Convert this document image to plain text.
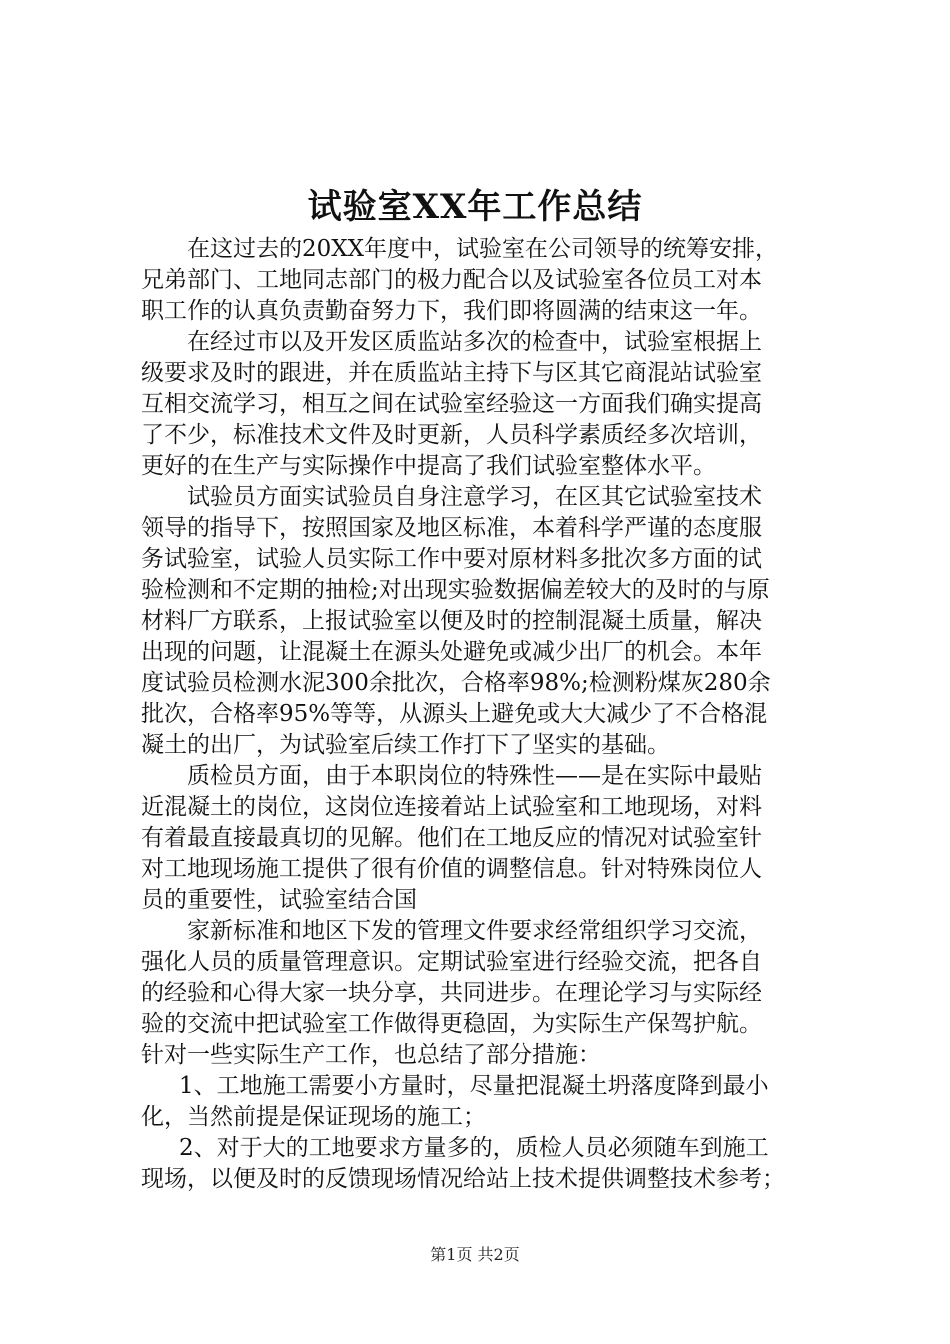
试验室XX年工作总结
在这过去的20XX年度中，试验室在公司领导的统筹安排，
兄弟部门、工地同志部门的极力配合以及试验室各位员工对本
职工作的认真负责勤奋努力下，我们即将圆满的结束这一年。
在经过市以及开发区质监站多次的检查中，试验室根据上
级要求及时的跟进，并在质监站主持下与区其它商混站试验室
互相交流学习，相互之间在试验室经验这一方面我们确实提高
了不少，标准技术文件及时更新，人员科学素质经多次培训，
更好的在生产与实际操作中提高了我们试验室整体水平。
试验员方面实试验员自身注意学习，在区其它试验室技术
领导的指导下，按照国家及地区标准，本着科学严谨的态度服
务试验室，试验人员实际工作中要对原材料多批次多方面的试
验检测和不定期的抽检;对出现实验数据偏差较大的及时的与原
材料厂方联系，上报试验室以便及时的控制混凝土质量，解决
出现的问题，让混凝土在源头处避免或减少出厂的机会。本年
度试验员检测水泥300余批次，合格率98%;检测粉煤灰280余
批次，合格率95%等等，从源头上避免或大大减少了不合格混
凝土的出厂，为试验室后续工作打下了坚实的基础。
质检员方面，由于本职岗位的特殊性——是在实际中最贴
近混凝土的岗位，这岗位连接着站上试验室和工地现场，对料
有着最直接最真切的见解。他们在工地反应的情况对试验室针
对工地现场施工提供了很有价值的调整信息。针对特殊岗位人
员的重要性，试验室结合国
家新标准和地区下发的管理文件要求经常组织学习交流，
强化人员的质量管理意识。定期试验室进行经验交流，把各自
的经验和心得大家一块分享，共同进步。在理论学习与实际经
验的交流中把试验室工作做得更稳固，为实际生产保驾护航。
针对一些实际生产工作，也总结了部分措施：
1、工地施工需要小方量时，尽量把混凝土坍落度降到最小
化，当然前提是保证现场的施工；
2、对于大的工地要求方量多的，质检人员必须随车到施工
现场，以便及时的反馈现场情况给站上技术提供调整技术参考；
第1页 共2页
